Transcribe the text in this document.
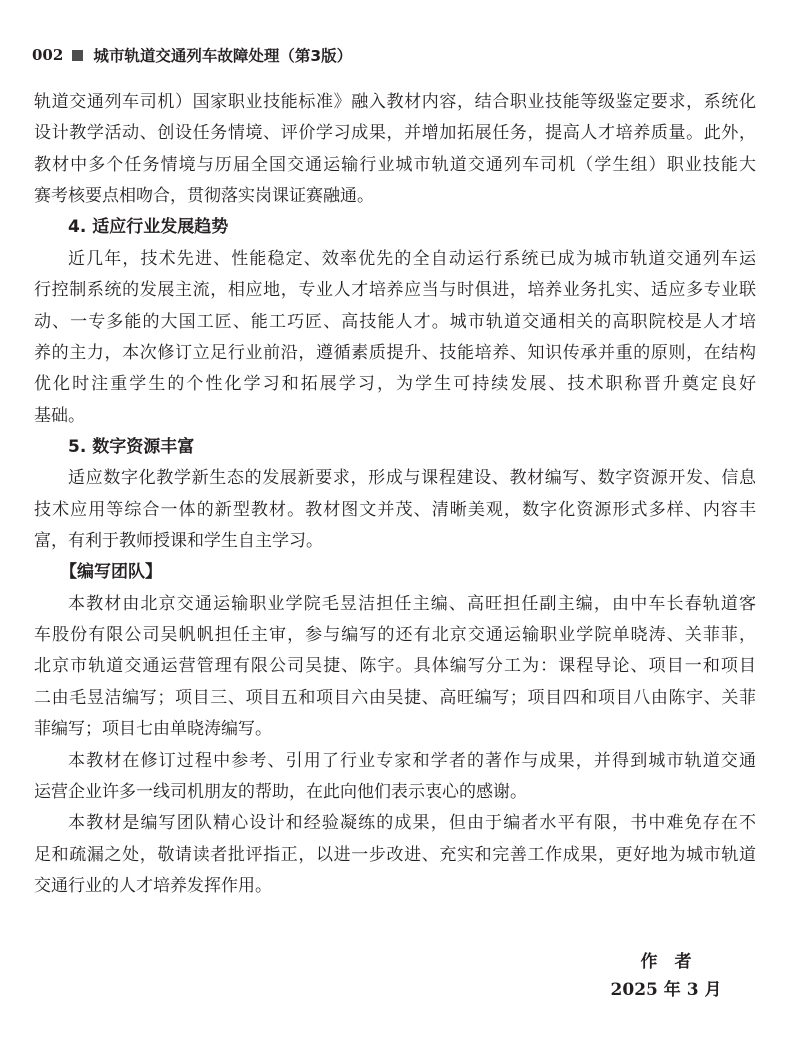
002 城市轨道交通列车故障处理（第3版）
轨道交通列车司机）国家职业技能标准》融入教材内容，结合职业技能等级鉴定要求，系统化
设计教学活动、创设任务情境、评价学习成果，并增加拓展任务，提高人才培养质量。此外，
教材中多个任务情境与历届全国交通运输行业城市轨道交通列车司机（学生组）职业技能大
赛考核要点相吻合，贯彻落实岗课证赛融通。
4. 适应行业发展趋势
近几年，技术先进、性能稳定、效率优先的全自动运行系统已成为城市轨道交通列车运
行控制系统的发展主流，相应地，专业人才培养应当与时俱进，培养业务扎实、适应多专业联
动、一专多能的大国工匠、能工巧匠、高技能人才。城市轨道交通相关的高职院校是人才培
养的主力，本次修订立足行业前沿，遵循素质提升、技能培养、知识传承并重的原则，在结构
优化时注重学生的个性化学习和拓展学习，为学生可持续发展、技术职称晋升奠定良好
基础。
5. 数字资源丰富
适应数字化教学新生态的发展新要求，形成与课程建设、教材编写、数字资源开发、信息
技术应用等综合一体的新型教材。教材图文并茂、清晰美观，数字化资源形式多样、内容丰
富，有利于教师授课和学生自主学习。
【编写团队】
本教材由北京交通运输职业学院毛昱洁担任主编、高旺担任副主编，由中车长春轨道客
车股份有限公司吴帆帆担任主审，参与编写的还有北京交通运输职业学院单晓涛、关菲菲，
北京市轨道交通运营管理有限公司吴捷、陈宇。具体编写分工为：课程导论、项目一和项目
二由毛昱洁编写；项目三、项目五和项目六由吴捷、高旺编写；项目四和项目八由陈宇、关菲
菲编写；项目七由单晓涛编写。
本教材在修订过程中参考、引用了行业专家和学者的著作与成果，并得到城市轨道交通
运营企业许多一线司机朋友的帮助，在此向他们表示衷心的感谢。
本教材是编写团队精心设计和经验凝练的成果，但由于编者水平有限，书中难免存在不
足和疏漏之处，敬请读者批评指正，以进一步改进、充实和完善工作成果，更好地为城市轨道
交通行业的人才培养发挥作用。
作　者
2025 年 3 月
